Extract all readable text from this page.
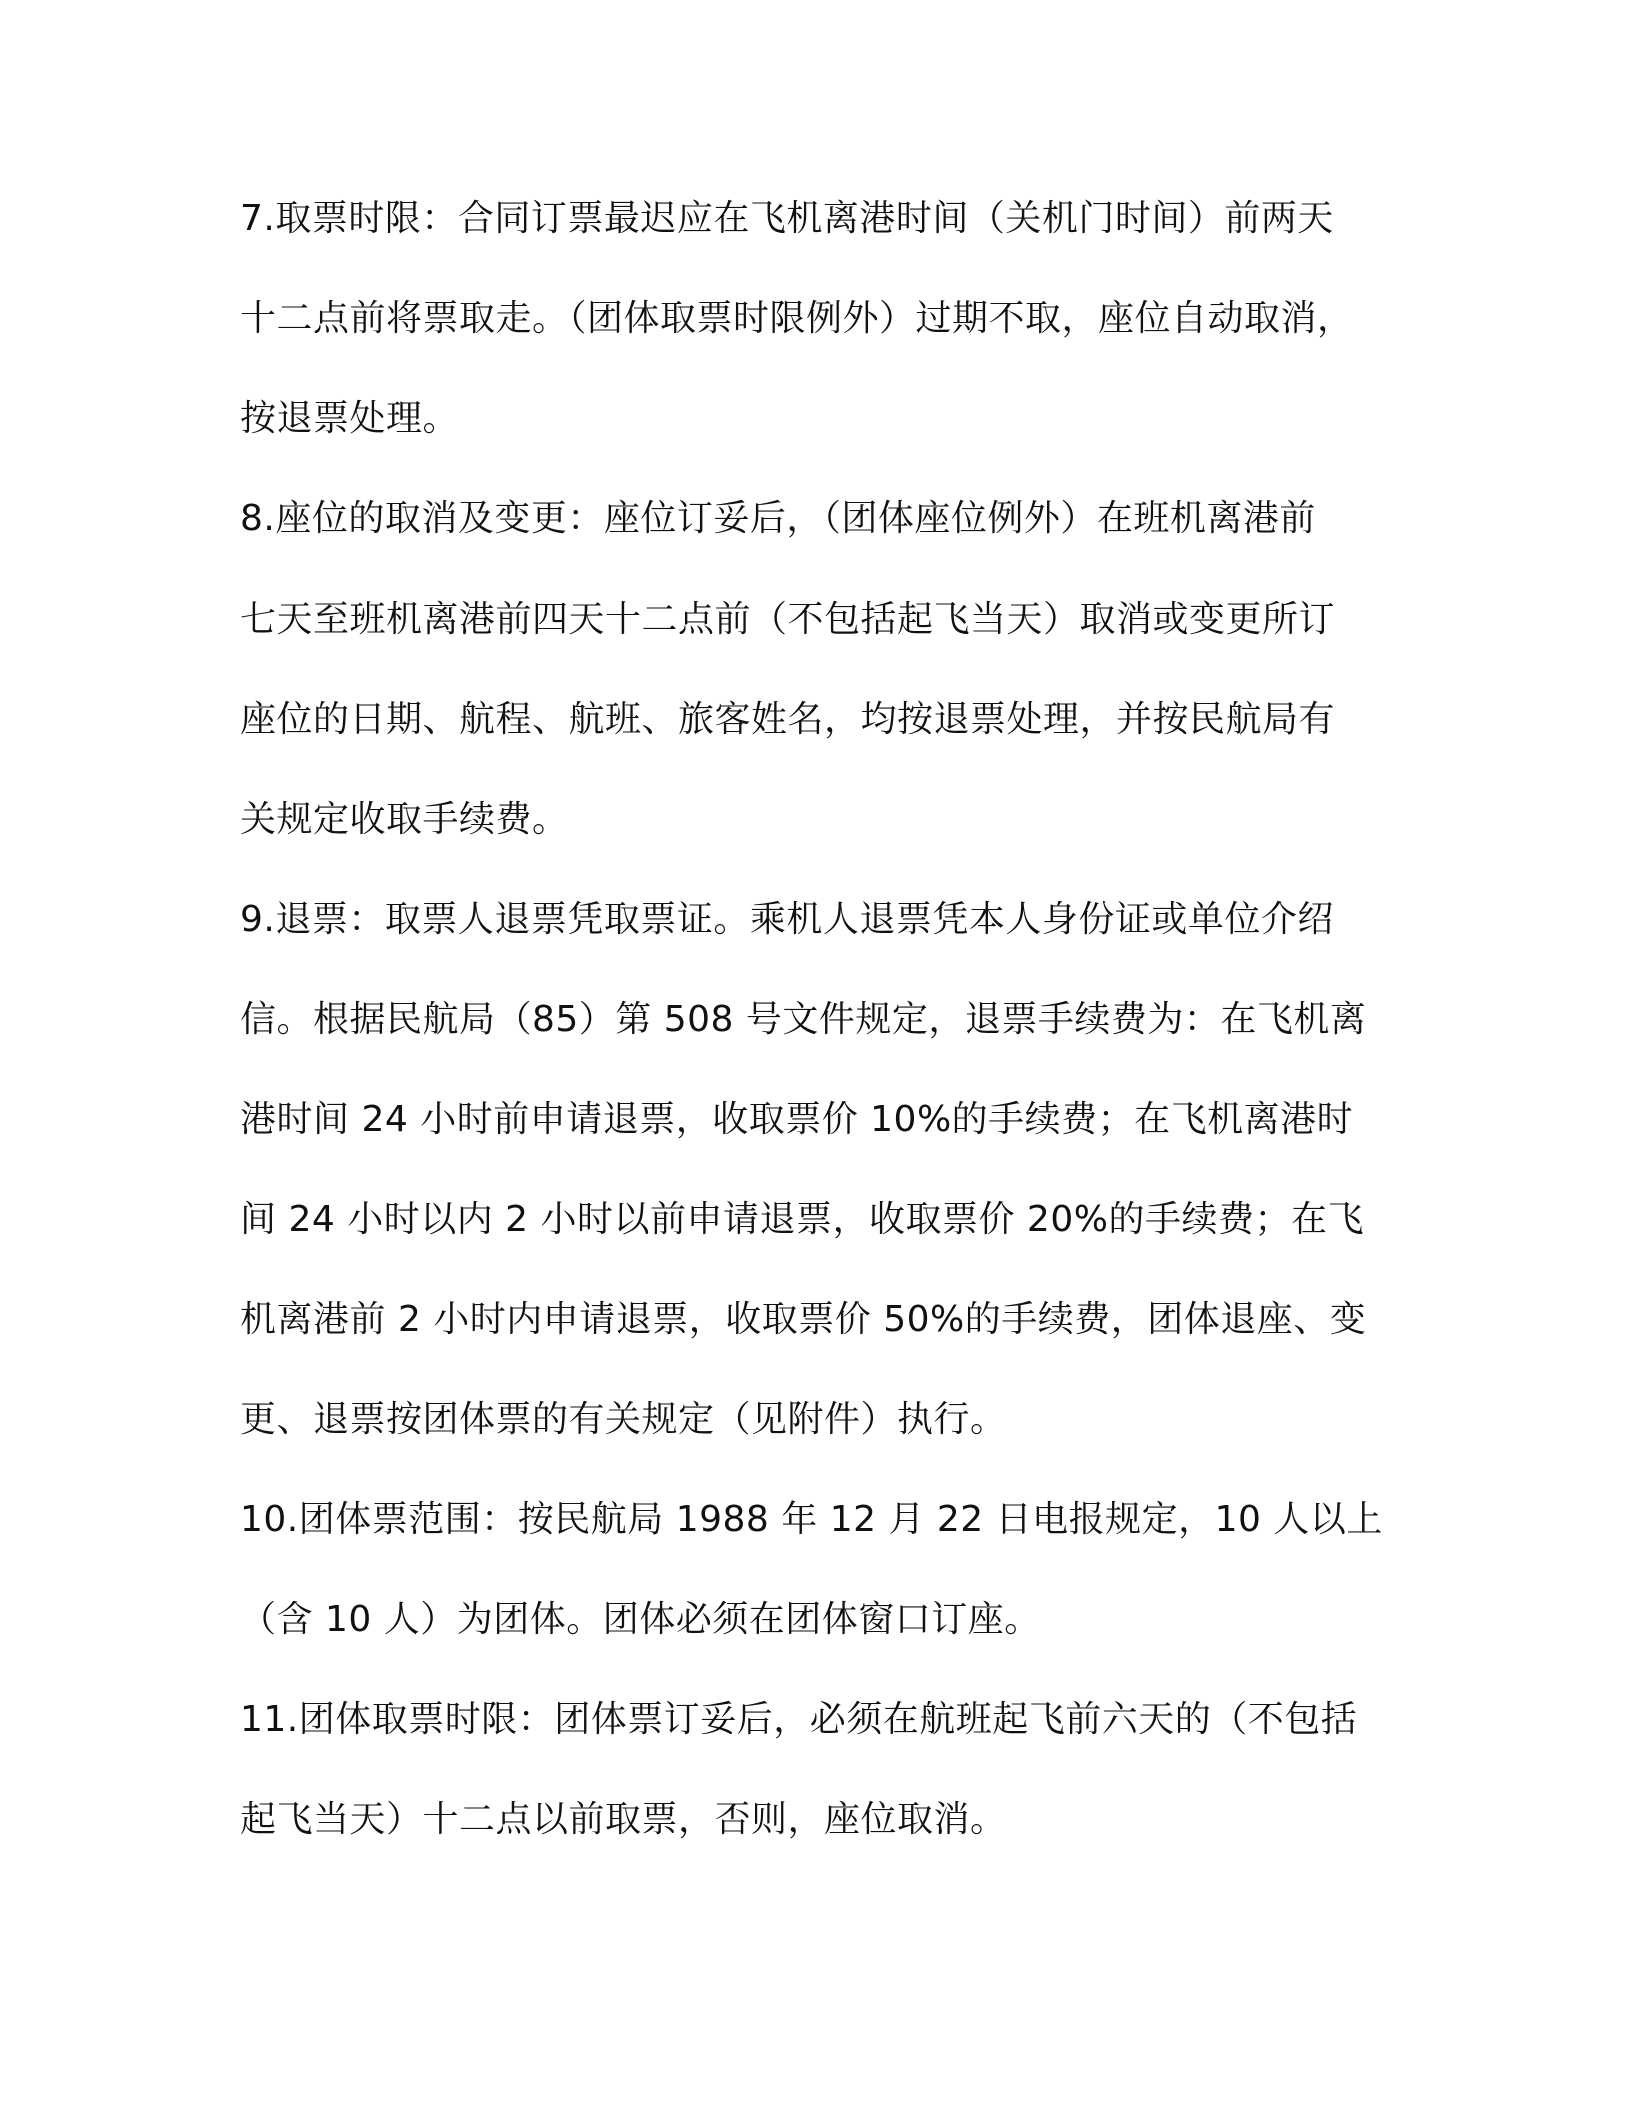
7.取票时限：合同订票最迟应在飞机离港时间（关机门时间）前两天
十二点前将票取走。（团体取票时限例外）过期不取，座位自动取消，
按退票处理。
8.座位的取消及变更：座位订妥后，（团体座位例外）在班机离港前
七天至班机离港前四天十二点前（不包括起飞当天）取消或变更所订
座位的日期、航程、航班、旅客姓名，均按退票处理，并按民航局有
关规定收取手续费。
9.退票：取票人退票凭取票证。乘机人退票凭本人身份证或单位介绍
信。根据民航局（85）第 508 号文件规定，退票手续费为：在飞机离
港时间 24 小时前申请退票，收取票价 10%的手续费；在飞机离港时
间 24 小时以内 2 小时以前申请退票，收取票价 20%的手续费；在飞
机离港前 2 小时内申请退票，收取票价 50%的手续费，团体退座、变
更、退票按团体票的有关规定（见附件）执行。
10.团体票范围：按民航局 1988 年 12 月 22 日电报规定，10 人以上
（含 10 人）为团体。团体必须在团体窗口订座。
11.团体取票时限：团体票订妥后，必须在航班起飞前六天的（不包括
起飞当天）十二点以前取票，否则，座位取消。
